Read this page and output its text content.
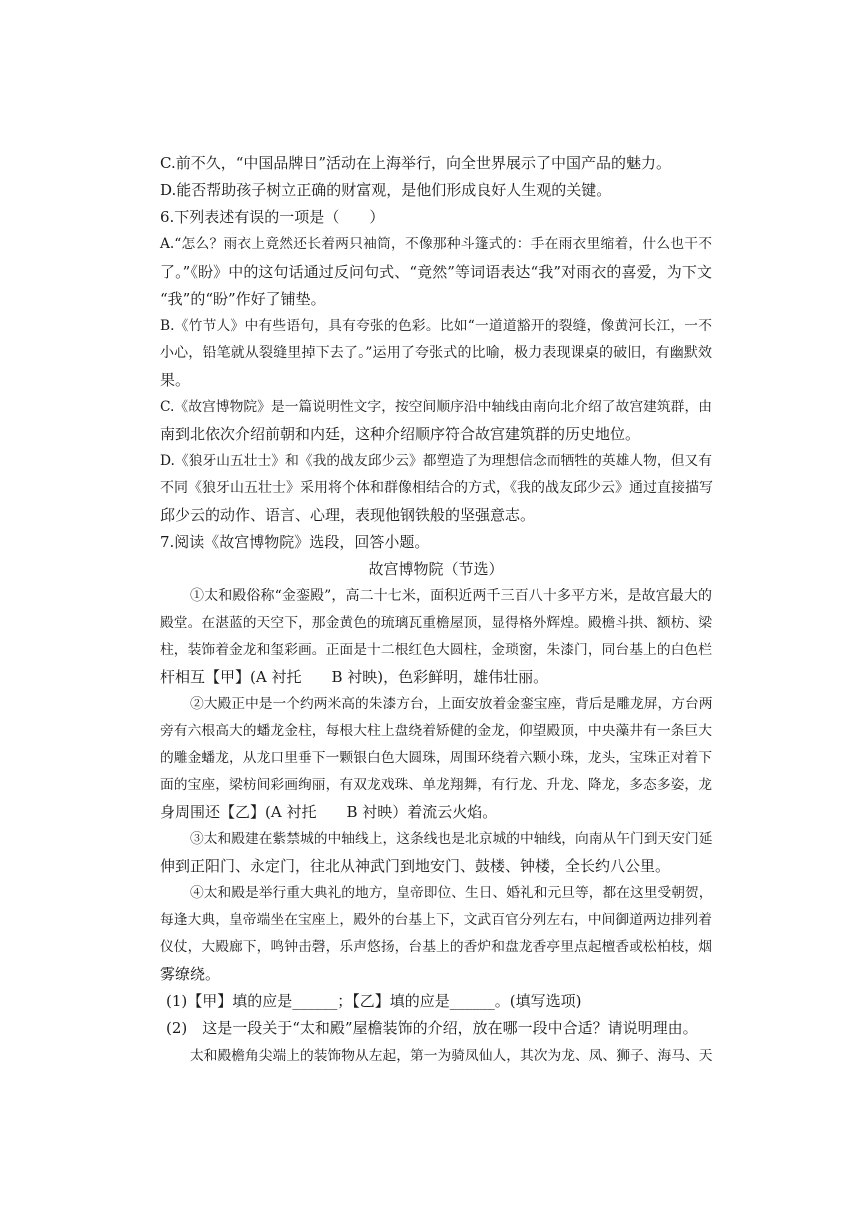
C.前不久，“中国品牌日”活动在上海举行，向全世界展示了中国产品的魅力。
D.能否帮助孩子树立正确的财富观，是他们形成良好人生观的关键。
6.下列表述有误的一项是（　　）
A.“怎么？雨衣上竟然还长着两只袖筒，不像那种斗篷式的：手在雨衣里缩着，什么也干不
了。”《盼》中的这句话通过反问句式、“竟然”等词语表达“我”对雨衣的喜爱，为下文
“我”的“盼”作好了铺垫。
B.《竹节人》中有些语句，具有夸张的色彩。比如“一道道豁开的裂缝，像黄河长江，一不
小心，铅笔就从裂缝里掉下去了。”运用了夸张式的比喻，极力表现课桌的破旧，有幽默效
果。
C.《故宫博物院》是一篇说明性文字，按空间顺序沿中轴线由南向北介绍了故宫建筑群，由
南到北依次介绍前朝和内廷，这种介绍顺序符合故宫建筑群的历史地位。
D.《狼牙山五壮士》和《我的战友邱少云》都塑造了为理想信念而牺牲的英雄人物，但又有
不同《狼牙山五壮士》采用将个体和群像相结合的方式，《我的战友邱少云》通过直接描写
邱少云的动作、语言、心理，表现他钢铁般的坚强意志。
7.阅读《故宫博物院》选段，回答小题。
故宫博物院（节选）
①太和殿俗称“金銮殿”，高二十七米，面积近两千三百八十多平方米，是故宫最大的
殿堂。在湛蓝的天空下，那金黄色的琉璃瓦重檐屋顶，显得格外辉煌。殿檐斗拱、额枋、梁
柱，装饰着金龙和玺彩画。正面是十二根红色大圆柱，金琐窗，朱漆门，同台基上的白色栏
杆相互【甲】(A 衬托　　B 衬映)，色彩鲜明，雄伟壮丽。
②大殿正中是一个约两米高的朱漆方台，上面安放着金銮宝座，背后是雕龙屏，方台两
旁有六根高大的蟠龙金柱，每根大柱上盘绕着矫健的金龙，仰望殿顶，中央藻井有一条巨大
的雕金蟠龙，从龙口里垂下一颗银白色大圆珠，周围环绕着六颗小珠，龙头，宝珠正对着下
面的宝座，梁枋间彩画绚丽，有双龙戏珠、单龙翔舞，有行龙、升龙、降龙，多态多姿，龙
身周围还【乙】(A 衬托　　B 衬映）着流云火焰。
③太和殿建在紫禁城的中轴线上，这条线也是北京城的中轴线，向南从午门到天安门延
伸到正阳门、永定门，往北从神武门到地安门、鼓楼、钟楼，全长约八公里。
④太和殿是举行重大典礼的地方，皇帝即位、生日、婚礼和元旦等，都在这里受朝贺，
每逢大典，皇帝端坐在宝座上，殿外的台基上下，文武百官分列左右，中间御道两边排列着
仪仗，大殿廊下，鸣钟击磬，乐声悠扬，台基上的香炉和盘龙香亭里点起檀香或松柏枝，烟
雾缭绕。
(1)【甲】填的应是______；【乙】填的应是______。(填写选项)
(2)　这是一段关于“太和殿”屋檐装饰的介绍，放在哪一段中合适？请说明理由。
太和殿檐角尖端上的装饰物从左起，第一为骑凤仙人，其次为龙、凤、狮子、海马、天
